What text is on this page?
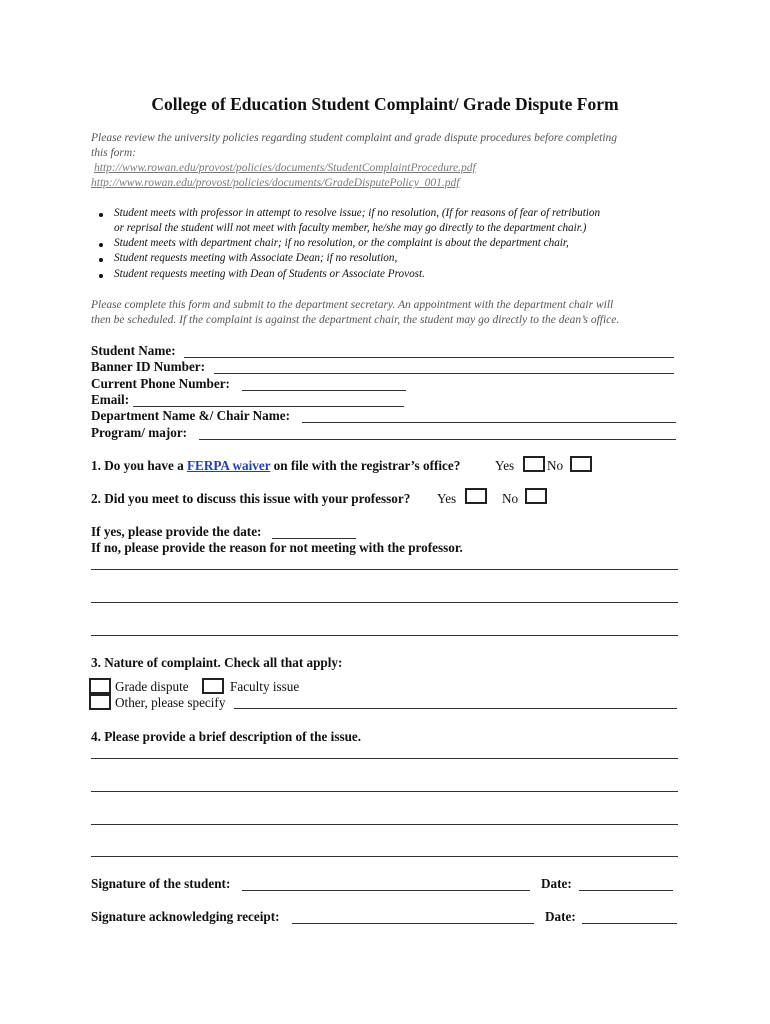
College of Education Student Complaint/ Grade Dispute Form
Please review the university policies regarding student complaint and grade dispute procedures before completing
this form:
http://www.rowan.edu/provost/policies/documents/StudentComplaintProcedure.pdf
http://www.rowan.edu/provost/policies/documents/GradeDisputePolicy_001.pdf
Student meets with professor in attempt to resolve issue; if no resolution, (If for reasons of fear of retribution
or reprisal the student will not meet with faculty member, he/she may go directly to the department chair.)
Student meets with department chair; if no resolution, or the complaint is about the department chair,
Student requests meeting with Associate Dean; if no resolution,
Student requests meeting with Dean of Students or Associate Provost.
Please complete this form and submit to the department secretary. An appointment with the department chair will
then be scheduled. If the complaint is against the department chair, the student may go directly to the dean’s office.
Student Name:
Banner ID Number:
Current Phone Number:
Email:
Department Name &/ Chair Name:
Program/ major:
1. Do you have a FERPA waiver on file with the registrar’s office?	Yes No
2. Did you meet to discuss this issue with your professor? Yes	No
If yes, please provide the date:
If no, please provide the reason for not meeting with the professor.
3. Nature of complaint. Check all that apply:
Grade dispute	Faculty issue
Other, please specify
4. Please provide a brief description of the issue.
Signature of the student:	Date:
Signature acknowledging receipt:	Date:
